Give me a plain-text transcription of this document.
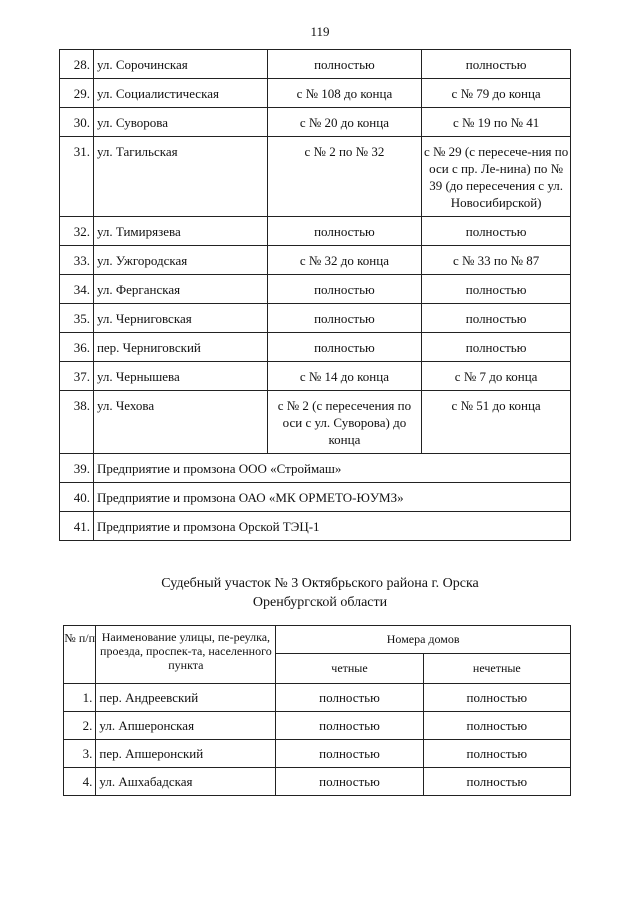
119
28.	ул. Сорочинская	полностью	полностью
29.	ул. Социалистическая	с № 108 до конца	с № 79 до конца
30.	ул. Суворова	с № 20 до конца	с № 19 по № 41
31.	ул. Тагильская	с № 2 по № 32	с № 29 (с пересече-ния по оси с пр. Ле-нина) по № 39 (до пересечения с ул. Новосибирской)
32.	ул. Тимирязева	полностью	полностью
33.	ул. Ужгородская	с № 32 до конца	с № 33 по № 87
34.	ул. Ферганская	полностью	полностью
35.	ул. Черниговская	полностью	полностью
36.	пер. Черниговский	полностью	полностью
37.	ул. Чернышева	с № 14 до конца	с № 7 до конца
38.	ул. Чехова	с № 2 (с пересечения по оси с ул. Суворова) до конца	с № 51 до конца
39.	Предприятие и промзона ООО «Строймаш»		
40.	Предприятие и промзона ОАО «МК ОРМЕТО-ЮУМЗ»		
41.	Предприятие и промзона Орской ТЭЦ-1		
Судебный участок № 3 Октябрьского района г. Орска
Оренбургской области
№ п/п	Наименование улицы, пе-реулка, проезда, проспек-та, населенного пункта	Номера домов	
		четные	нечетные
1.	пер. Андреевский	полностью	полностью
2.	ул. Апшеронская	полностью	полностью
3.	пер. Апшеронский	полностью	полностью
4.	ул. Ашхабадская	полностью	полностью
